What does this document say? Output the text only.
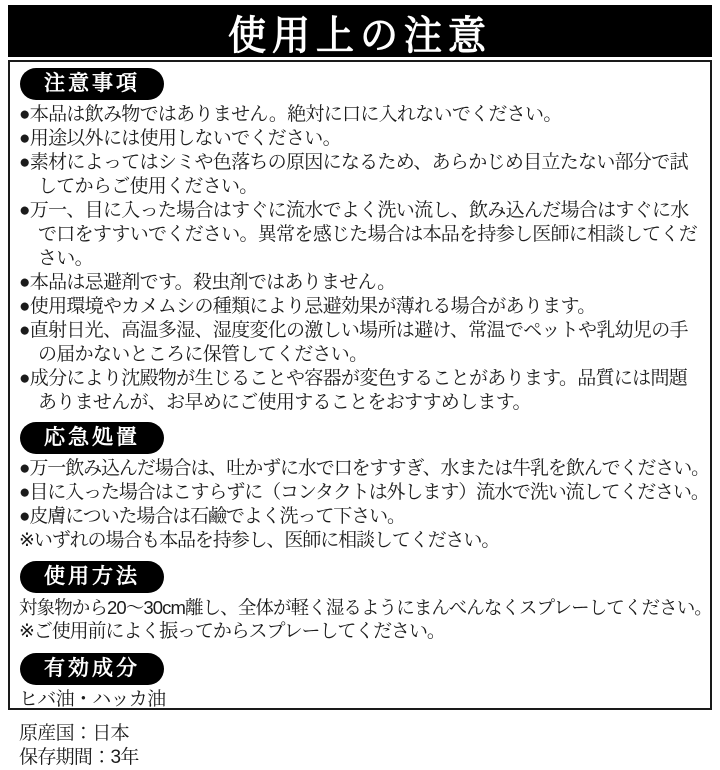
使用上の注意
注意事項

●本品は飲み物ではありません。絶対に口に入れないでください。

●用途以外には使用しないでください。

●素材によってはシミや色落ちの原因になるため、あらかじめ目立たない部分で試してからご使用ください。

●万一、目に入った場合はすぐに流水でよく洗い流し、飲み込んだ場合はすぐに水で口をすすいでください。異常を感じた場合は本品を持参し医師に相談してください。

●本品は忌避剤です。殺虫剤ではありません。

●使用環境やカメムシの種類により忌避効果が薄れる場合があります。

●直射日光、高温多湿、湿度変化の激しい場所は避け、常温でペットや乳幼児の手の届かないところに保管してください。

●成分により沈殿物が生じることや容器が変色することがあります。品質には問題ありませんが、お早めにご使用することをおすすめします。

応急処置

●万一飲み込んだ場合は、吐かずに水で口をすすぎ、水または牛乳を飲んでください。

●目に入った場合はこすらずに（コンタクトは外します）流水で洗い流してください。

●皮膚についた場合は石鹼でよく洗って下さい。

※いずれの場合も本品を持参し、医師に相談してください。

使用方法

対象物から20～30cm離し、全体が軽く湿るようにまんべんなくスプレーしてください。

※ご使用前によく振ってからスプレーしてください。

有効成分

ヒバ油・ハッカ油

原産国：日本

保存期間：3年
